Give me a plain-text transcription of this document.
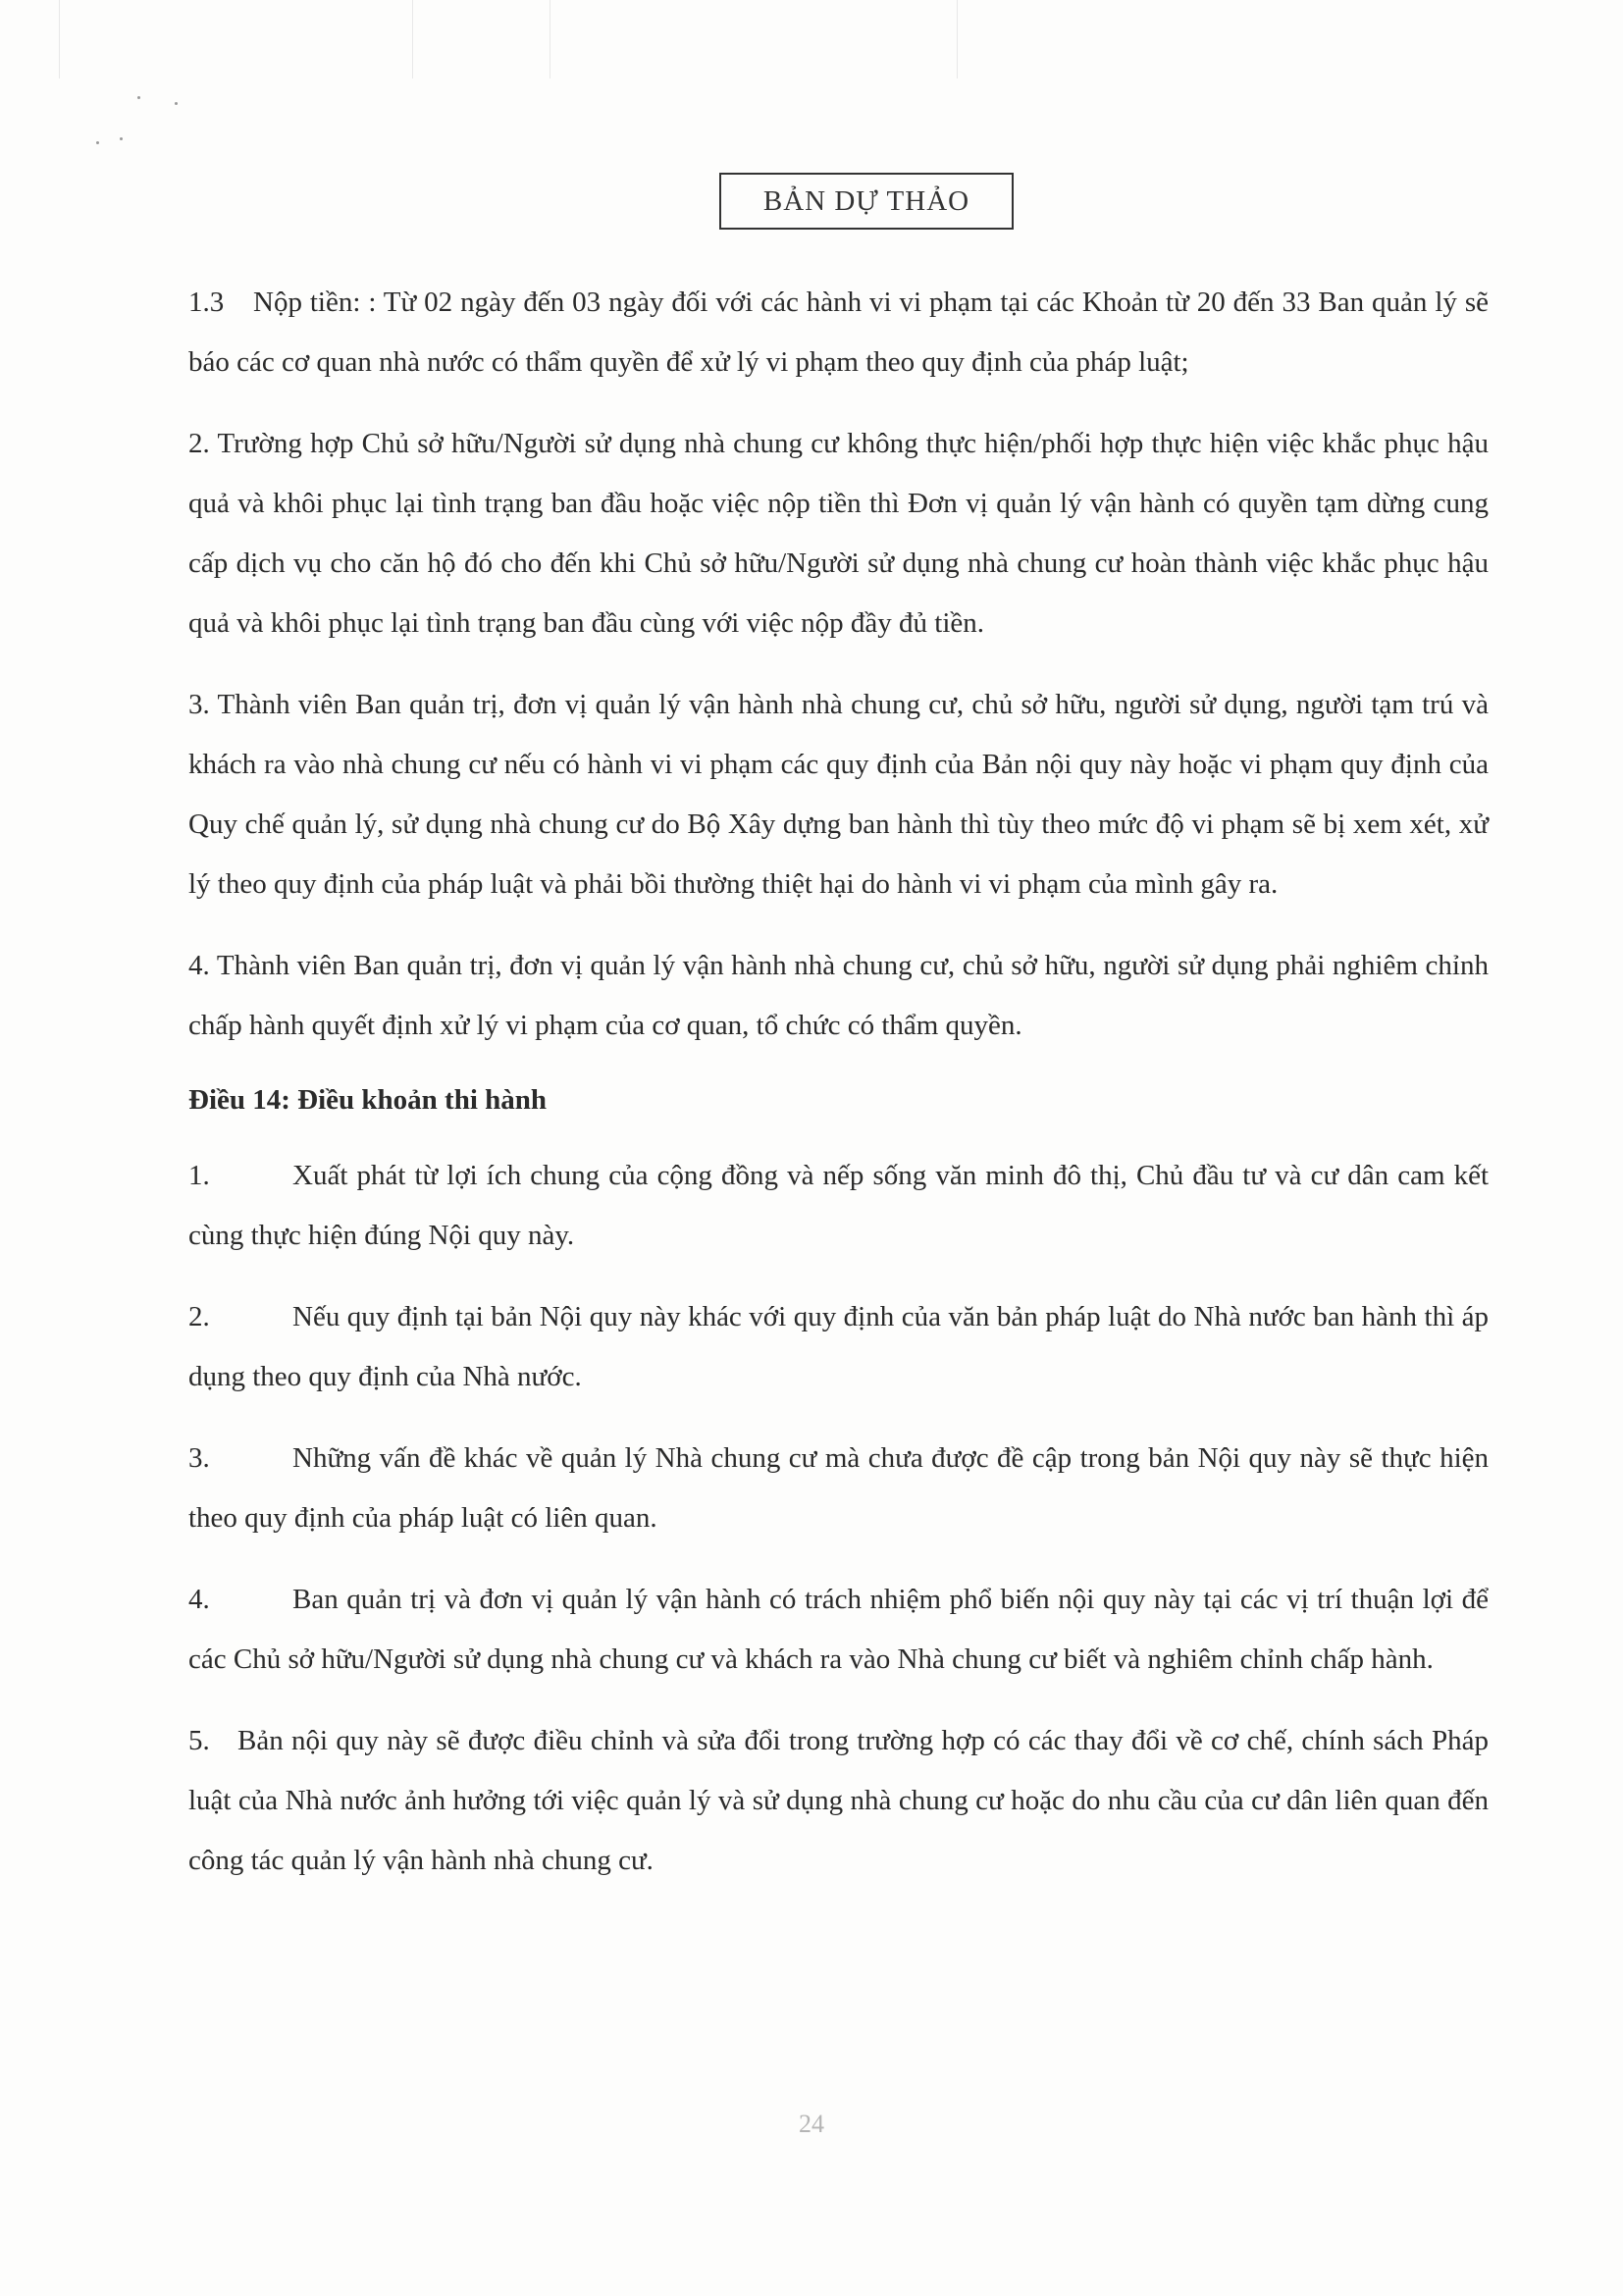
BẢN DỰ THẢO

1.3 Nộp tiền: : Từ 02 ngày đến 03 ngày đối với các hành vi vi phạm tại các Khoản từ 20 đến 33 Ban quản lý sẽ báo các cơ quan nhà nước có thẩm quyền để xử lý vi phạm theo quy định của pháp luật;

2. Trường hợp Chủ sở hữu/Người sử dụng nhà chung cư không thực hiện/phối hợp thực hiện việc khắc phục hậu quả và khôi phục lại tình trạng ban đầu hoặc việc nộp tiền thì Đơn vị quản lý vận hành có quyền tạm dừng cung cấp dịch vụ cho căn hộ đó cho đến khi Chủ sở hữu/Người sử dụng nhà chung cư hoàn thành việc khắc phục hậu quả và khôi phục lại tình trạng ban đầu cùng với việc nộp đầy đủ tiền.

3. Thành viên Ban quản trị, đơn vị quản lý vận hành nhà chung cư, chủ sở hữu, người sử dụng, người tạm trú và khách ra vào nhà chung cư nếu có hành vi vi phạm các quy định của Bản nội quy này hoặc vi phạm quy định của Quy chế quản lý, sử dụng nhà chung cư do Bộ Xây dựng ban hành thì tùy theo mức độ vi phạm sẽ bị xem xét, xử lý theo quy định của pháp luật và phải bồi thường thiệt hại do hành vi vi phạm của mình gây ra.

4. Thành viên Ban quản trị, đơn vị quản lý vận hành nhà chung cư, chủ sở hữu, người sử dụng phải nghiêm chỉnh chấp hành quyết định xử lý vi phạm của cơ quan, tổ chức có thẩm quyền.

Điều 14: Điều khoản thi hành

1.	Xuất phát từ lợi ích chung của cộng đồng và nếp sống văn minh đô thị, Chủ đầu tư và cư dân cam kết cùng thực hiện đúng Nội quy này.

2.	Nếu quy định tại bản Nội quy này khác với quy định của văn bản pháp luật do Nhà nước ban hành thì áp dụng theo quy định của Nhà nước.

3.	Những vấn đề khác về quản lý Nhà chung cư mà chưa được đề cập trong bản Nội quy này sẽ thực hiện theo quy định của pháp luật có liên quan.

4.	Ban quản trị và đơn vị quản lý vận hành có trách nhiệm phổ biến nội quy này tại các vị trí thuận lợi để các Chủ sở hữu/Người sử dụng nhà chung cư và khách ra vào Nhà chung cư biết và nghiêm chỉnh chấp hành.

5. Bản nội quy này sẽ được điều chỉnh và sửa đổi trong trường hợp có các thay đổi về cơ chế, chính sách Pháp luật của Nhà nước ảnh hưởng tới việc quản lý và sử dụng nhà chung cư hoặc do nhu cầu của cư dân liên quan đến công tác quản lý vận hành nhà chung cư.

24
